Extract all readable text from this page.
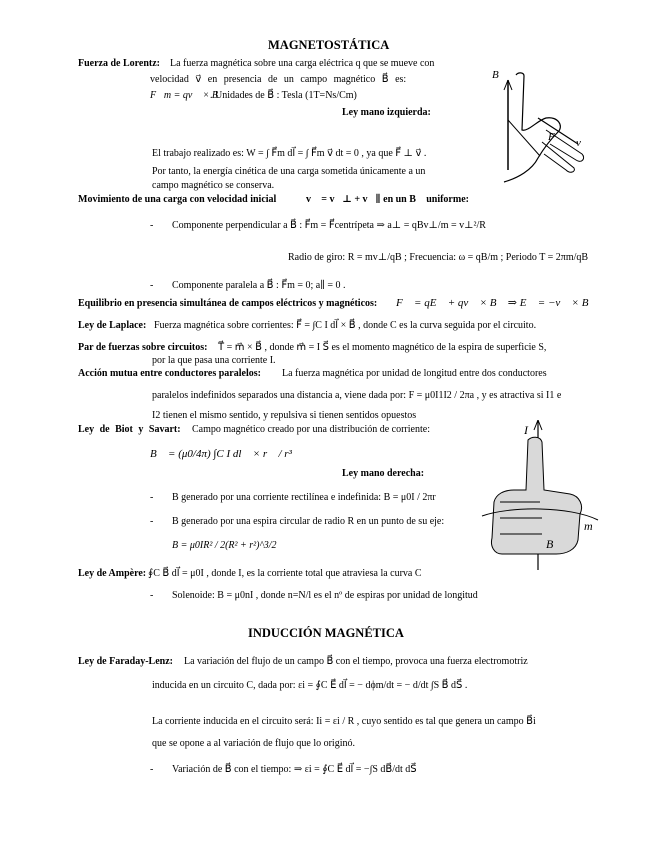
MAGNETOSTÁTICA
Fuerza de Lorentz: La fuerza magnética sobre una carga eléctrica q que se mueve con
velocidad v⃗ en presencia de un campo magnético B⃗ es:
F⃗m = qv⃗ × B⃗
. Unidades de B⃗ : Tesla (1T=Ns/Cm)
Ley mano izquierda:
El trabajo realizado es: W = ∫ F⃗m dl⃗ = ∫ F⃗m v⃗ dt = 0 , ya que F⃗ ⊥ v⃗ .
Por tanto, la energía cinética de una carga sometida únicamente a un
campo magnético se conserva.
B
F v
Movimiento de una carga con velocidad inicial	v⃗ = v⃗⊥ + v⃗∥ en un B⃗ uniforme:
- Componente perpendicular a B⃗ : F⃗m = F⃗centrípeta ⇒ a⊥ = qBv⊥/m = v⊥²/R
Radio de giro: R = mv⊥/qB ; Frecuencia: ω = qB/m ; Periodo T = 2πm/qB
- Componente paralela a B⃗ : F⃗m = 0; a∥ = 0 .
Equilibrio en presencia simultánea de campos eléctricos y magnéticos: F⃗ = qE⃗ + qv⃗ × B⃗ ⇒ E⃗ = −v⃗ × B⃗
Ley de Laplace: Fuerza magnética sobre corrientes: F⃗ = ∫C I dl⃗ × B⃗ , donde C es la curva seguida por el circuito.
Par de fuerzas sobre circuitos: T⃗ = m⃗ × B⃗ , donde m⃗ = I S⃗ es el momento magnético de la espira de superficie S,
por la que pasa una corriente I.
Acción mutua entre conductores paralelos: La fuerza magnética por unidad de longitud entre dos conductores
paralelos indefinidos separados una distancia a, viene dada por: F = μ0I1I2 / 2πa , y es atractiva si I1 e
I2 tienen el mismo sentido, y repulsiva si tienen sentidos opuestos
Ley de Biot y Savart: Campo magnético creado por una distribución de corriente:
B⃗ = (μ0/4π) ∫C I dl⃗ × r⃗ / r³
Ley mano derecha:
- B generado por una corriente rectilínea e indefinida: B = μ0I / 2πr
- B generado por una espira circular de radio R en un punto de su eje:
B = μ0IR² / 2(R² + r²)^3/2
I
B
m
Ley de Ampère: ∮C B⃗ dl⃗ = μ0I , donde I, es la corriente total que atraviesa la curva C
- Solenoide: B = μ0nI , donde n=N/l es el nº de espiras por unidad de longitud
INDUCCIÓN MAGNÉTICA
Ley de Faraday-Lenz: La variación del flujo de un campo B⃗ con el tiempo, provoca una fuerza electromotriz
inducida en un circuito C, dada por: εi = ∮C E⃗ dl⃗ = − dϕm/dt = − d/dt ∫S B⃗ dS⃗ .
La corriente inducida en el circuito será: Ii = εi / R , cuyo sentido es tal que genera un campo B⃗i
que se opone a al variación de flujo que lo originó.
- Variación de B⃗ con el tiempo: ⇒ εi = ∮C E⃗ dl⃗ = −∫S dB⃗/dt dS⃗
